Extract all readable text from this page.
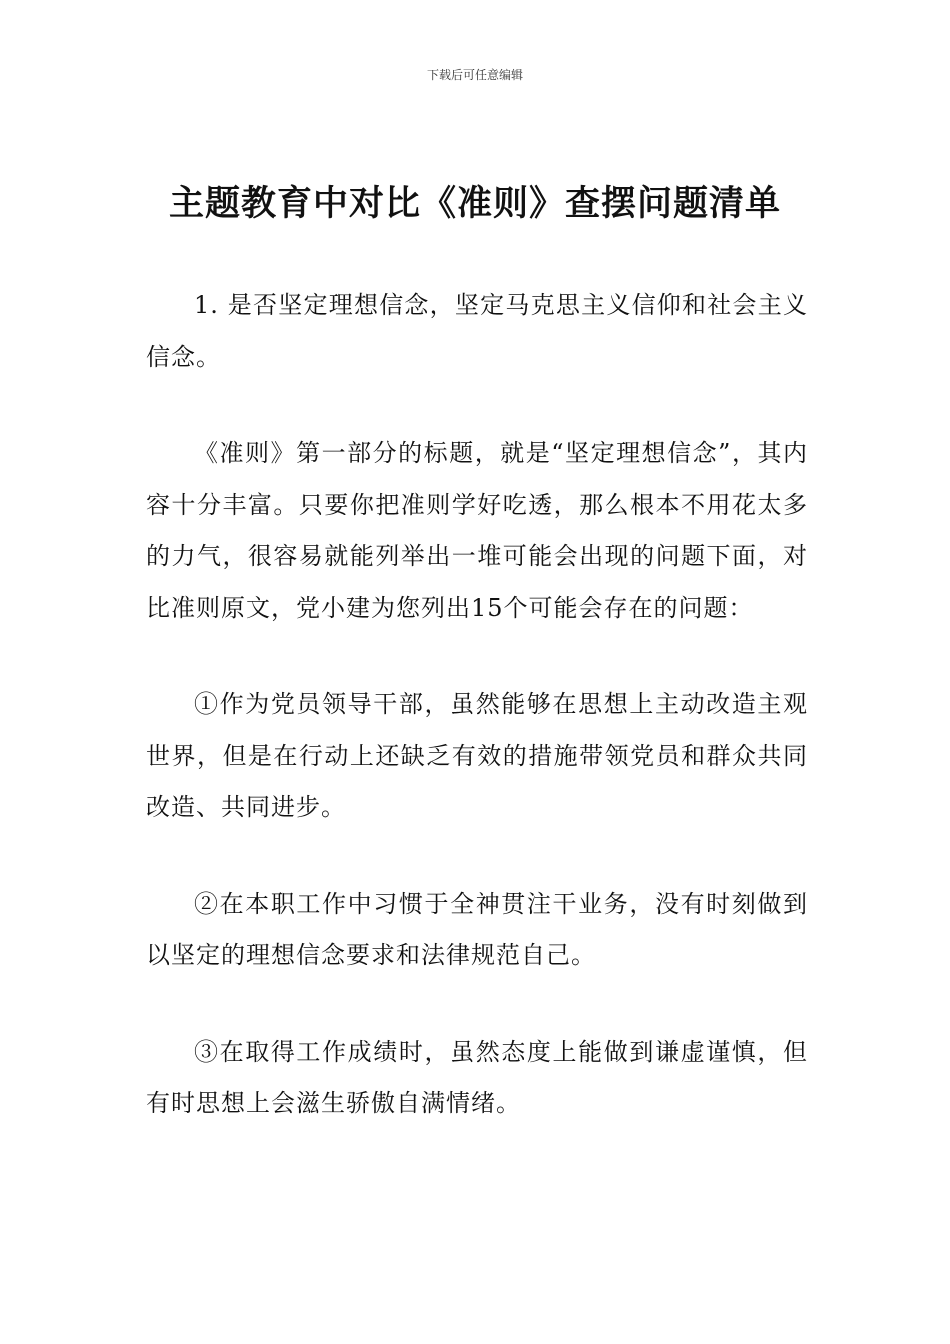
下载后可任意编辑
主题教育中对比《准则》查摆问题清单

1. 是否坚定理想信念，坚定马克思主义信仰和社会主义信念。

《准则》第一部分的标题，就是“坚定理想信念”，其内容十分丰富。只要你把准则学好吃透，那么根本不用花太多的力气，很容易就能列举出一堆可能会出现的问题下面，对比准则原文，党小建为您列出15个可能会存在的问题：

①作为党员领导干部，虽然能够在思想上主动改造主观世界，但是在行动上还缺乏有效的措施带领党员和群众共同改造、共同进步。

②在本职工作中习惯于全神贯注干业务，没有时刻做到以坚定的理想信念要求和法律规范自己。

③在取得工作成绩时，虽然态度上能做到谦虚谨慎，但有时思想上会滋生骄傲自满情绪。
